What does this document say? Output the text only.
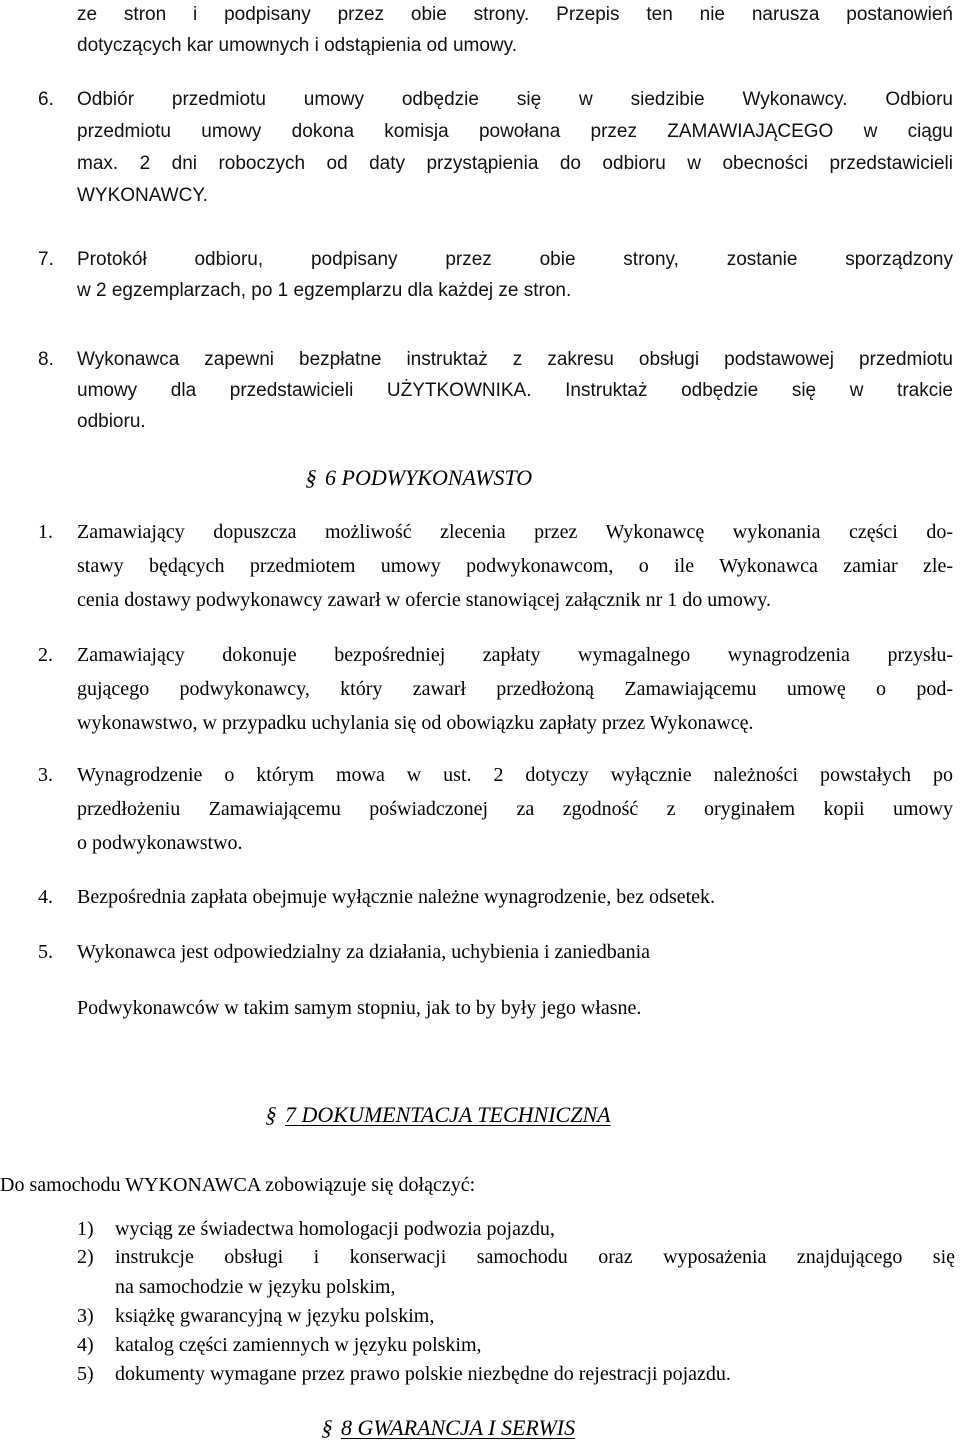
ze stron i podpisany przez obie strony. Przepis ten nie narusza postanowień
dotyczących kar umownych i odstąpienia od umowy.
6. Odbiór przedmiotu umowy odbędzie się w siedzibie Wykonawcy. Odbioru
przedmiotu umowy dokona komisja powołana przez ZAMAWIAJĄCEGO w ciągu
max. 2 dni roboczych od daty przystąpienia do odbioru w obecności przedstawicieli
WYKONAWCY.
7. Protokół odbioru, podpisany przez obie strony, zostanie sporządzony
w 2 egzemplarzach, po 1 egzemplarzu dla każdej ze stron.
8. Wykonawca zapewni bezpłatne instruktaż z zakresu obsługi podstawowej przedmiotu
umowy dla przedstawicieli UŻYTKOWNIKA. Instruktaż odbędzie się w trakcie
odbioru.
§ 6 PODWYKONAWSTO
1. Zamawiający dopuszcza możliwość zlecenia przez Wykonawcę wykonania części do-
stawy będących przedmiotem umowy podwykonawcom, o ile Wykonawca zamiar zle-
cenia dostawy podwykonawcy zawarł w ofercie stanowiącej załącznik nr 1 do umowy.
2. Zamawiający dokonuje bezpośredniej zapłaty wymagalnego wynagrodzenia przysłu-
gującego podwykonawcy, który zawarł przedłożoną Zamawiającemu umowę o pod-
wykonawstwo, w przypadku uchylania się od obowiązku zapłaty przez Wykonawcę.
3. Wynagrodzenie o którym mowa w ust. 2 dotyczy wyłącznie należności powstałych po
przedłożeniu Zamawiającemu poświadczonej za zgodność z oryginałem kopii umowy
o podwykonawstwo.
4. Bezpośrednia zapłata obejmuje wyłącznie należne wynagrodzenie, bez odsetek.
5. Wykonawca jest odpowiedzialny za działania, uchybienia i zaniedbania
Podwykonawców w takim samym stopniu, jak to by były jego własne.
§ 7 DOKUMENTACJA TECHNICZNA
Do samochodu WYKONAWCA zobowiązuje się dołączyć:
1) wyciąg ze świadectwa homologacji podwozia pojazdu,
2) instrukcje obsługi i konserwacji samochodu oraz wyposażenia znajdującego się
na samochodzie w języku polskim,
3) książkę gwarancyjną w języku polskim,
4) katalog części zamiennych w języku polskim,
5) dokumenty wymagane przez prawo polskie niezbędne do rejestracji pojazdu.
§ 8 GWARANCJA I SERWIS
